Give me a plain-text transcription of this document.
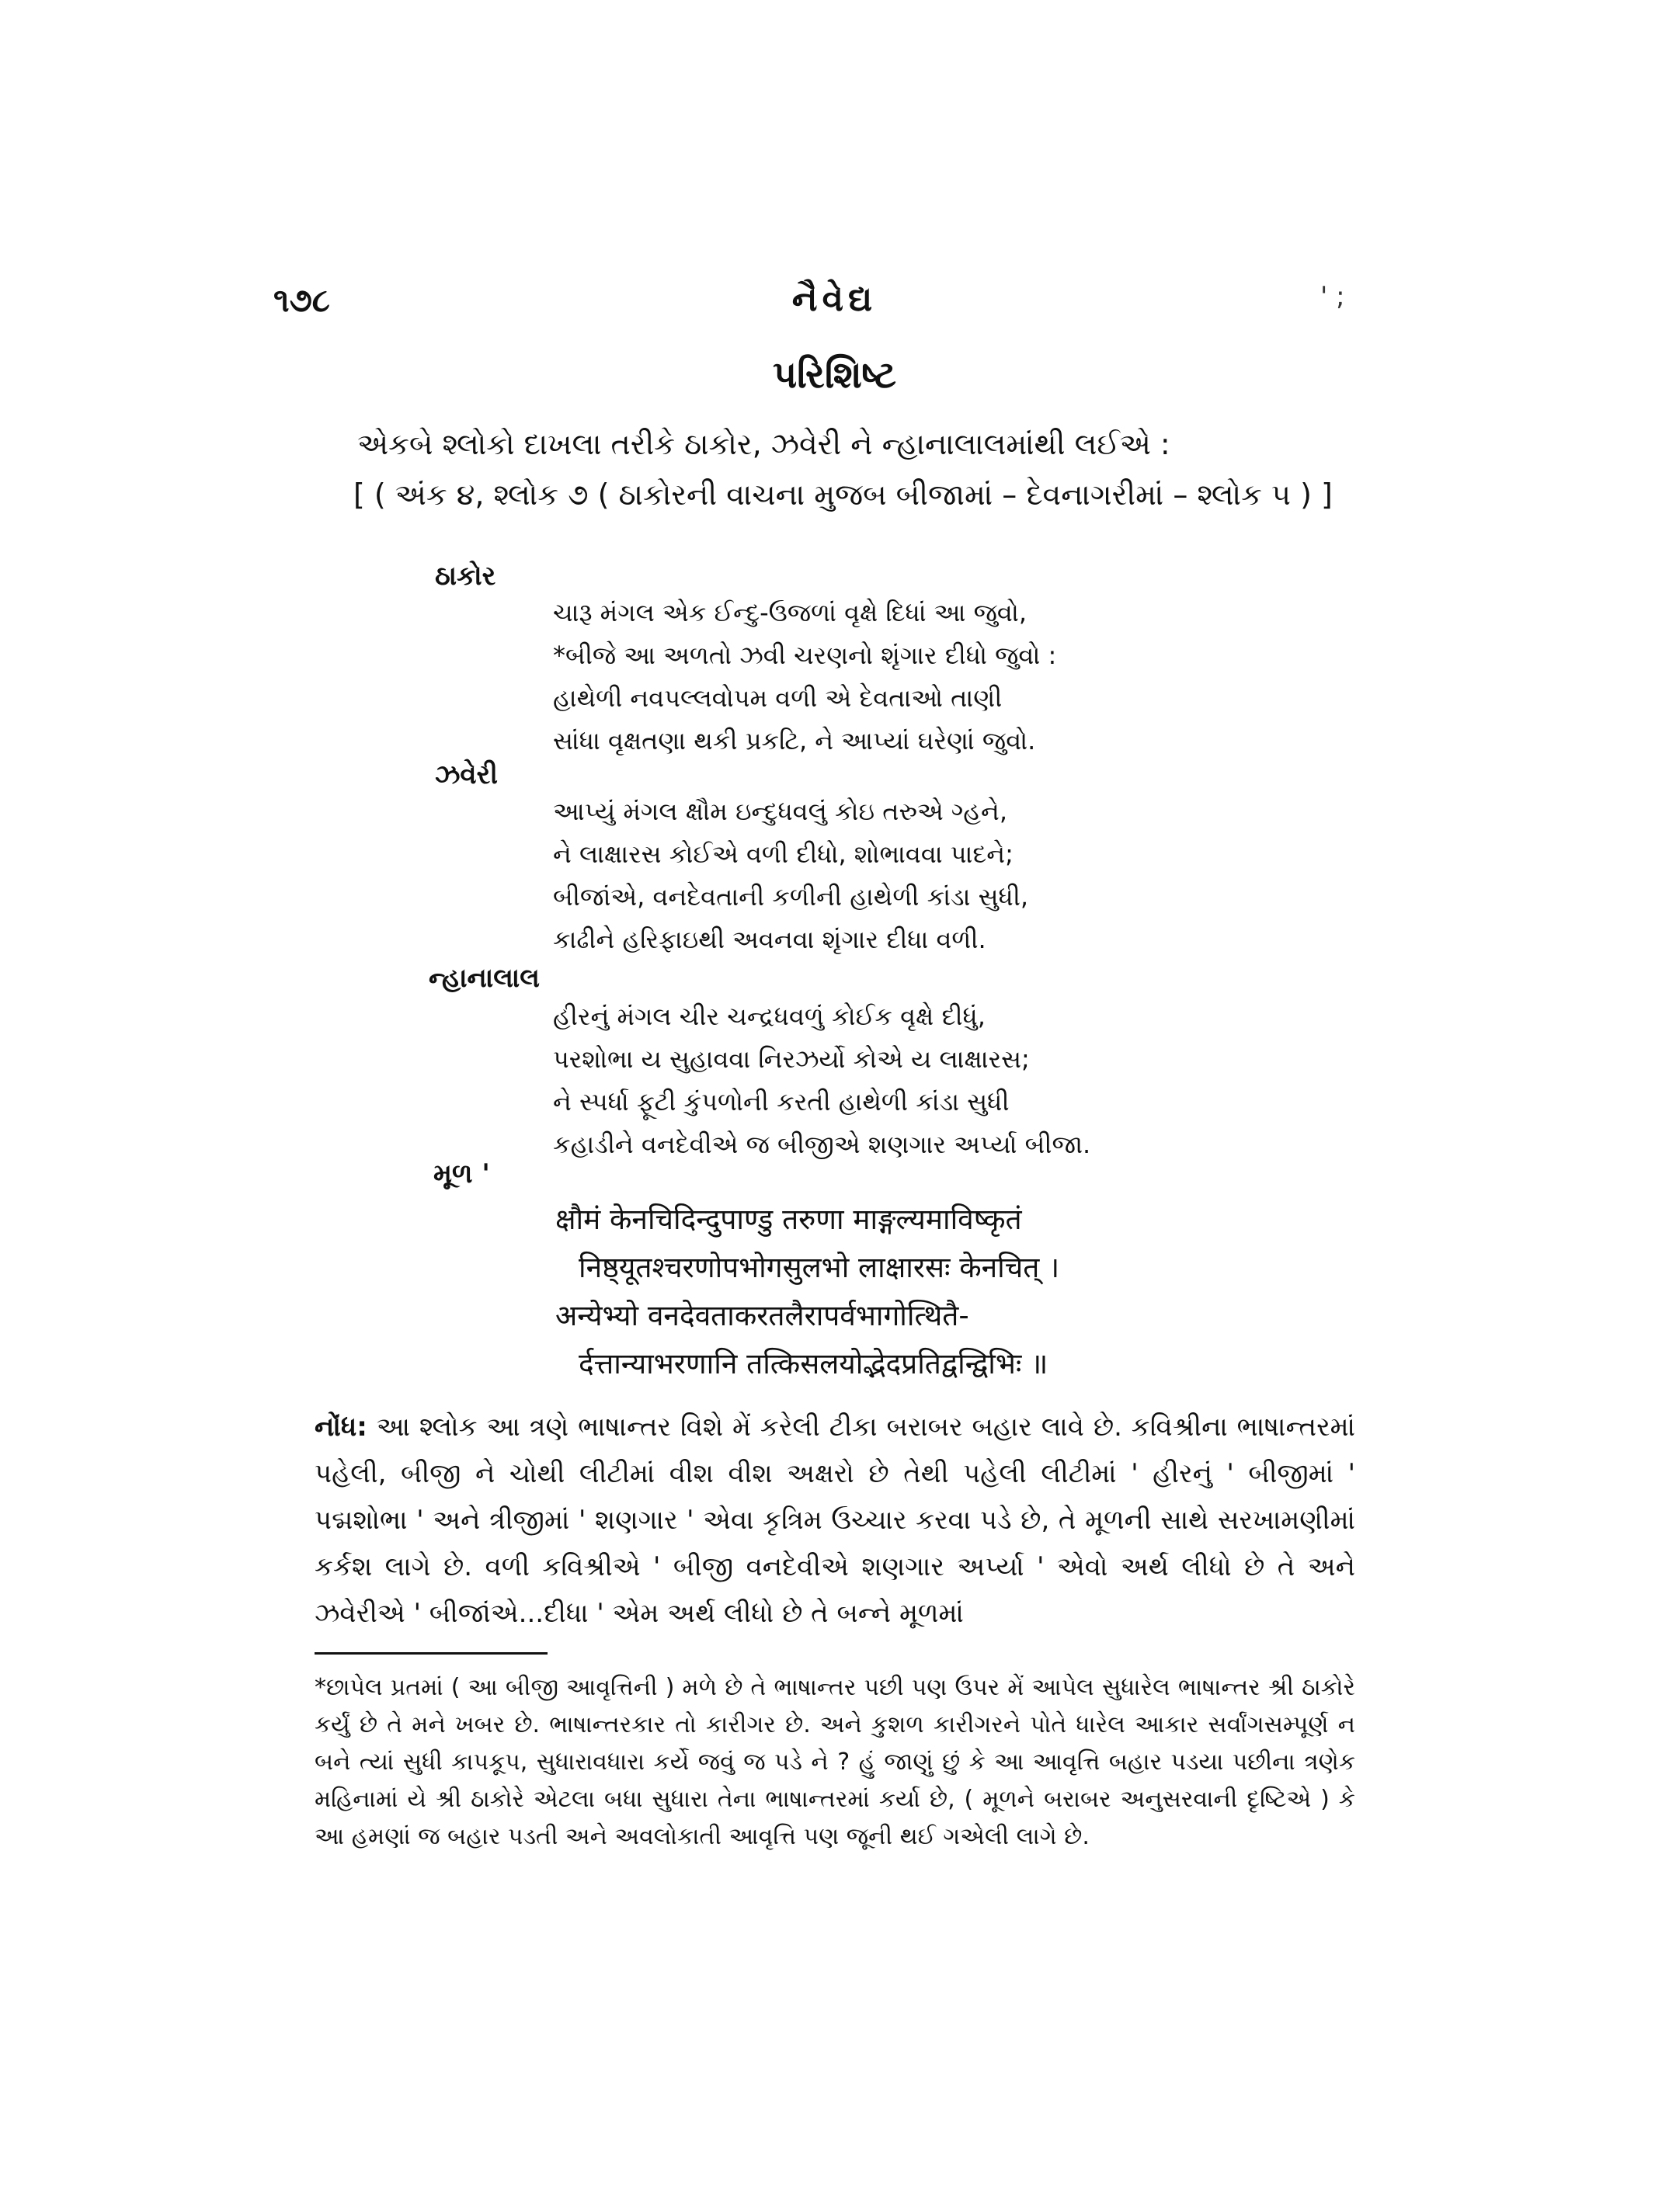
૧૭૮	નૈવેદ્ય	' ;
પરિશિષ્ટ
એકબે શ્લોકો દાખલા તરીકે ઠાકોર, ઝવેરી ને ન્હાનાલાલમાંથી લઈએ :
[ ( અંક ૪, શ્લોક ૭ ( ઠાકોરની વાચના મુજબ બીજામાં – દેવનાગરીમાં – શ્લોક ૫ ) ]
ઠાકોર
ચારૂ મંગલ એક ઈન્દુ-ઉજળાં વૃક્ષે દિધાં આ જુવો,
*બીજે આ અળતો ઝવી ચરણનો શૃંગાર દીધો જુવો :
હાથેળી નવપલ્લવોપમ વળી એ દેવતાઓ તાણી
સાંધા વૃક્ષતણા થકી પ્રકટિ, ને આપ્યાં ઘરેણાં જુવો.
ઝવેરી
આપ્યું મંગલ ક્ષૌમ ઇન્દુધવલું કોઇ તરુએ ગ્હને,
ને લાક્ષારસ કોઈએ વળી દીધો, શોભાવવા પાદને;
બીજાંએ, વનદેવતાની કળીની હાથેળી કાંડા સુધી,
કાઢીને હરિફાઇથી અવનવા શૃંગાર દીધા વળી.
ન્હાનાલાલ
હીરનું મંગલ ચીર ચન્દ્રધવળું કોઈક વૃક્ષે દીધું,
પરશોભા ય સુહાવવા નિરઝર્યો કોએ ય લાક્ષારસ;
ને સ્પર્ધા ફૂટી કુંપળોની કરતી હાથેળી કાંડા સુધી
કહાડીને વનદેવીએ જ બીજીએ શણગાર અર્પ્યા બીજા.
મૂળ '
क्षौमं केनचिदिन्दुपाण्डु तरुणा माङ्गल्यमाविष्कृतं
निष्ठ्यूतश्चरणोपभोगसुलभो लाक्षारसः केनचित् ।
अन्येभ्यो वनदेवताकरतलैरापर्वभागोत्थितै-
र्दत्तान्याभरणानि तत्किसलयोद्भेदप्रतिद्वन्द्विभिः ॥
નોંધ: આ શ્લોક આ ત્રણે ભાષાન્તર વિશે મેં કરેલી ટીકા બરાબર બહાર લાવે છે. કવિશ્રીના ભાષાન્તરમાં પહેલી, બીજી ને ચોથી લીટીમાં વીશ વીશ અક્ષરો છે તેથી પહેલી લીટીમાં ' હીરનું ' બીજીમાં ' પદ્મશોભા ' અને ત્રીજીમાં ' શણગાર ' એવા કૃત્રિમ ઉચ્ચાર કરવા પડે છે, તે મૂળની સાથે સરખામણીમાં કર્કશ લાગે છે. વળી કવિશ્રીએ ' બીજી વનદેવીએ શણગાર અર્પ્યા ' એવો અર્થ લીધો છે તે અને ઝવેરીએ ' બીજાંએ...દીધા ' એમ અર્થ લીધો છે તે બન્ને મૂળમાં
*છાપેલ પ્રતમાં ( આ બીજી આવૃત્તિની ) મળે છે તે ભાષાન્તર પછી પણ ઉપર મેં આપેલ સુધારેલ ભાષાન્તર શ્રી ઠાકોરે કર્યું છે તે મને ખબર છે. ભાષાન્તરકાર તો કારીગર છે. અને કુશળ કારીગરને પોતે ધારેલ આકાર સર્વાંગસમ્પૂર્ણ ન બને ત્યાં સુધી કાપકૂપ, સુધારાવધારા કર્યે જવું જ પડે ને ? હું જાણું છું કે આ આવૃત્તિ બહાર પડયા પછીના ત્રણેક મહિનામાં યે શ્રી ઠાકોરે એટલા બધા સુધારા તેના ભાષાન્તરમાં કર્યા છે, ( મૂળને બરાબર અનુસરવાની દૃષ્ટિએ ) કે આ હમણાં જ બહાર પડતી અને અવલોકાતી આવૃત્તિ પણ જૂની થઈ ગએલી લાગે છે.
